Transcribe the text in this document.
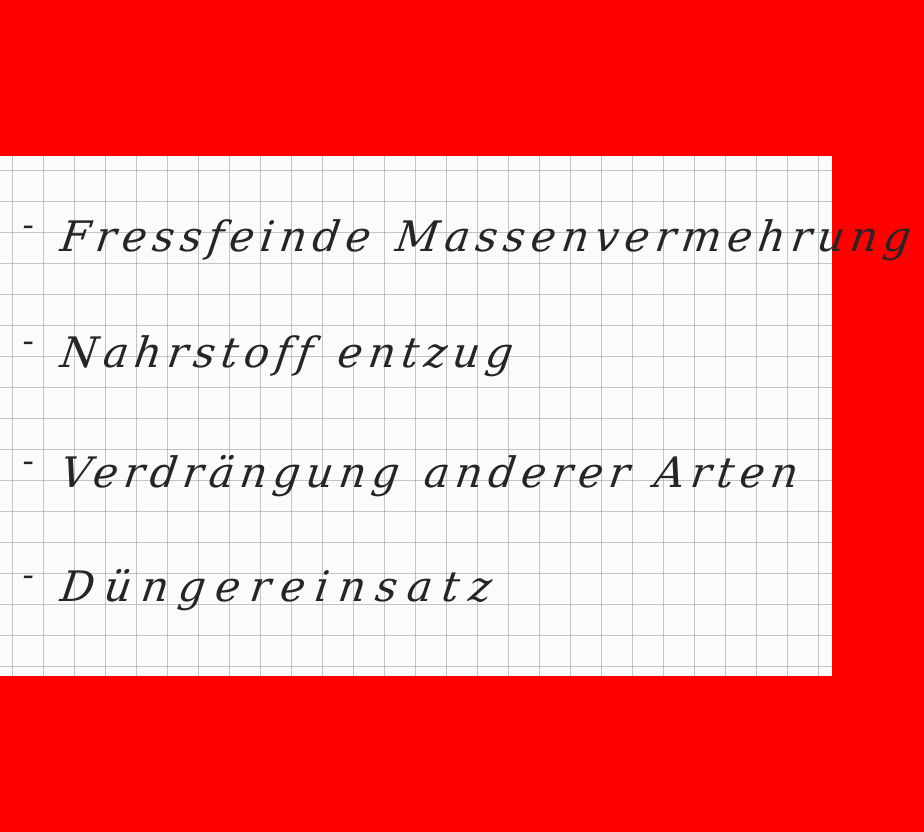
- Fressfeinde Massenvermehrung
- Nahrstoff entzug
- Verdrängung anderer Arten
- Düngereinsatz
